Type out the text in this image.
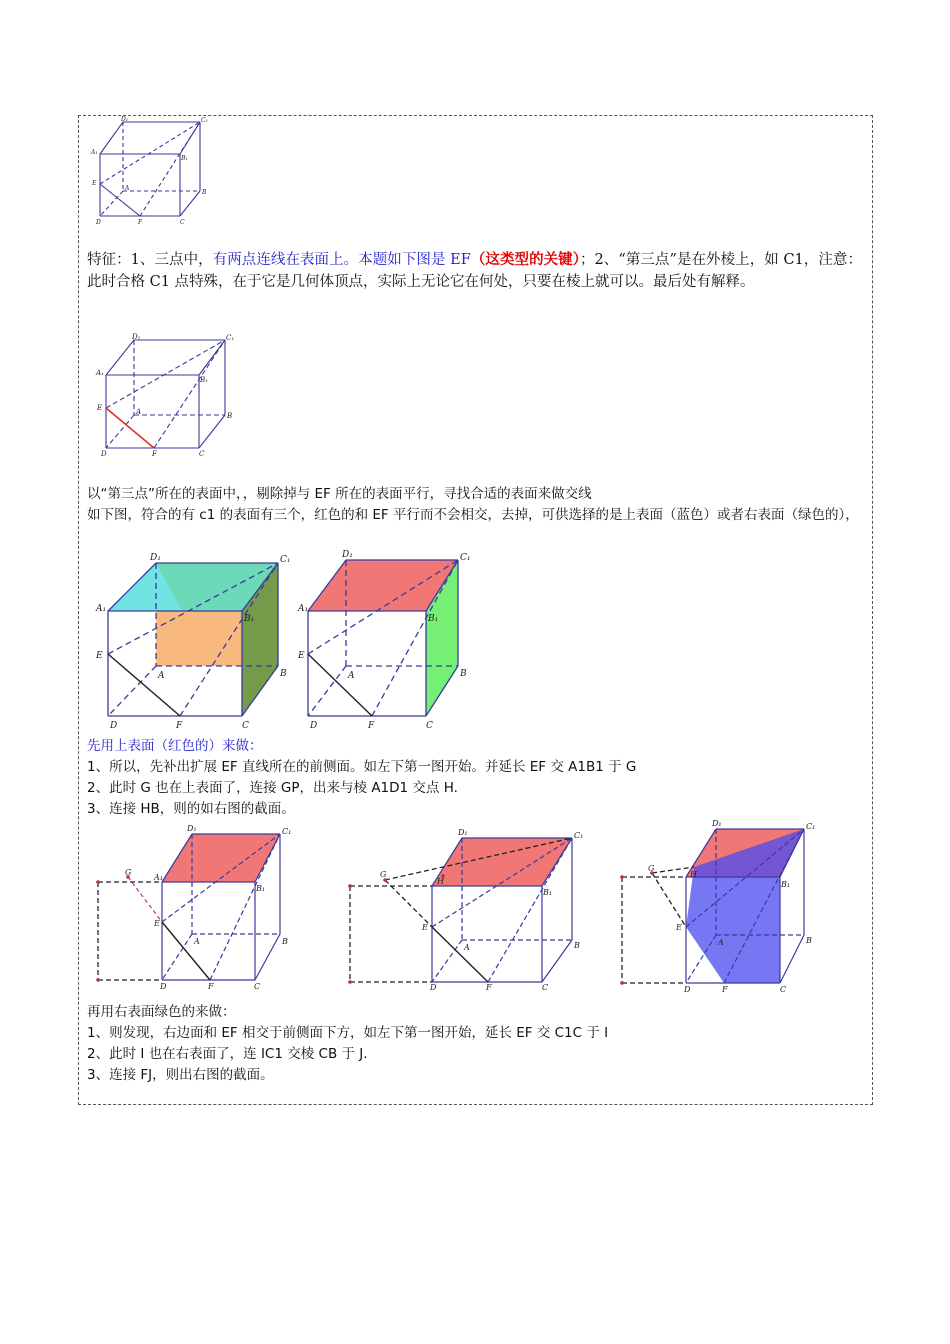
D₁	C₁
A₁
B₁
E
A
B
D	F	C
特征：1、三点中，有两点连线在表面上。本题如下图是 EF（这类型的关键）；2、“第三点”是在外棱上，如 C1，注意：此时合格 C1 点特殊，在于它是几何体顶点，实际上无论它在何处，只要在棱上就可以。最后处有解释。
D₁	C₁
A₁
B₁
E	A	B
D	F	C
以“第三点”所在的表面中，，剔除掉与 EF 所在的表面平行，寻找合适的表面来做交线
如下图，符合的有 c1 的表面有三个，红色的和 EF 平行而不会相交，去掉，可供选择的是上表面（蓝色）或者右表面（绿色的），
D₁	C₁
A₁
B₁
E
A	B
D	F	C
D₁	C₁
A₁
B₁
E
A	B
D	F	C
先用上表面（红色的）来做：
1、所以，先补出扩展 EF 直线所在的前侧面。如左下第一图开始。并延长 EF 交 A1B1 于 G
2、此时 G 也在上表面了，连接 GP，出来与棱 A1D1 交点 H.
3、连接 HB，则的如右图的截面。
D₁	C₁
A₁
B₁
G
E
A	B
D	F	C
D₁	C₁
G
H
B₁
E
A	B
D	F	C
D₁	C₁
G
H
B₁
E
A	B
D	F	C
再用右表面绿色的来做：
1、则发现，右边面和 EF 相交于前侧面下方，如左下第一图开始，延长 EF 交 C1C 于 I
2、此时 I 也在右表面了，连 IC1 交棱 CB 于 J.
3、连接 FJ，则出右图的截面。
